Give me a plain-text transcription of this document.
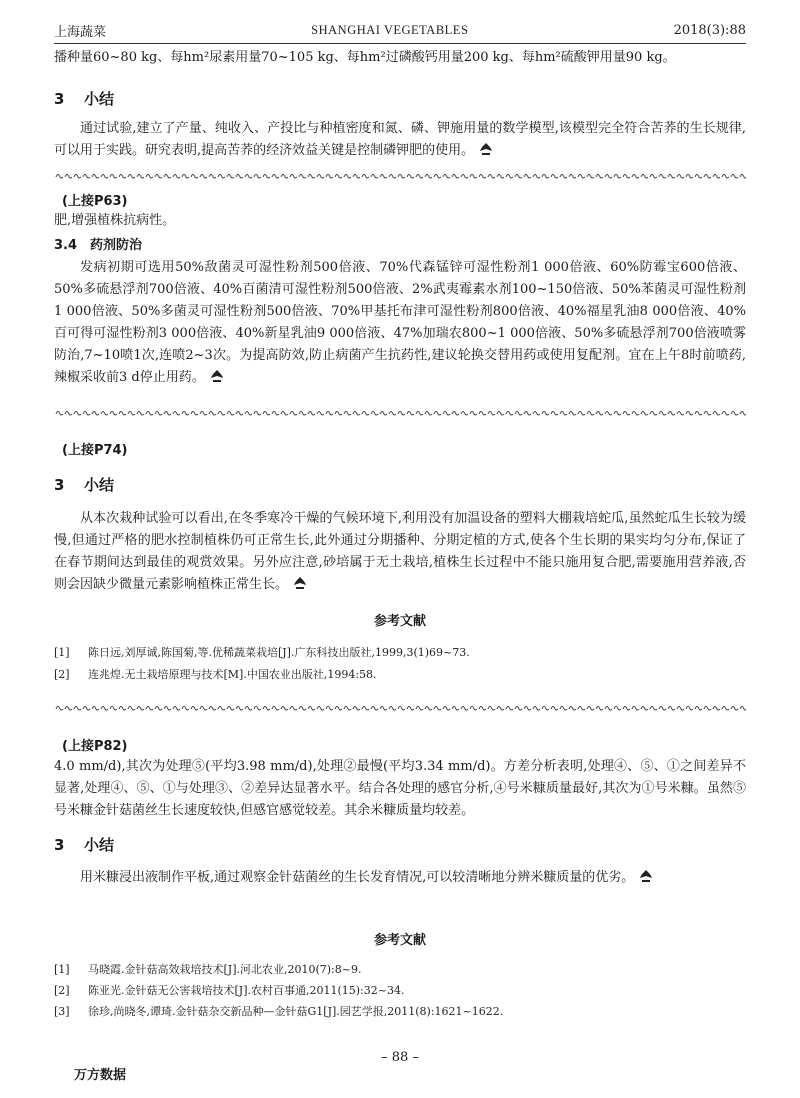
上海蔬菜	SHANGHAI VEGETABLES	2018(3):88
播种量60~80 kg、每hm²尿素用量70~105 kg、每hm²过磷酸钙用量200 kg、每hm²硫酸钾用量90 kg。
3 小结
通过试验,建立了产量、纯收入、产投比与种植密度和氮、磷、钾施用量的数学模型,该模型完全符合苦荞的生长规律,可以用于实践。研究表明,提高苦荞的经济效益关键是控制磷钾肥的使用。
(上接P63)
肥,增强植株抗病性。
3.4 药剂防治
发病初期可选用50%敌菌灵可湿性粉剂500倍液、70%代森锰锌可湿性粉剂1 000倍液、60%防霉宝600倍液、50%多硫悬浮剂700倍液、40%百菌清可湿性粉剂500倍液、2%武夷霉素水剂100~150倍液、50%苯菌灵可湿性粉剂1 000倍液、50%多菌灵可湿性粉剂500倍液、70%甲基托布津可湿性粉剂800倍液、40%福星乳油8 000倍液、40%百可得可湿性粉剂3 000倍液、40%新星乳油9 000倍液、47%加瑞农800~1 000倍液、50%多硫悬浮剂700倍液喷雾防治,7~10喷1次,连喷2~3次。为提高防效,防止病菌产生抗药性,建议轮换交替用药或使用复配剂。宜在上午8时前喷药,辣椒采收前3 d停止用药。
(上接P74)
3 小结
从本次栽种试验可以看出,在冬季寒冷干燥的气候环境下,利用没有加温设备的塑料大棚栽培蛇瓜,虽然蛇瓜生长较为缓慢,但通过严格的肥水控制植株仍可正常生长,此外通过分期播种、分期定植的方式,使各个生长期的果实均匀分布,保证了在春节期间达到最佳的观赏效果。另外应注意,砂培属于无土栽培,植株生长过程中不能只施用复合肥,需要施用营养液,否则会因缺少微量元素影响植株正常生长。
参考文献
[1] 陈日远,刘厚诚,陈国菊,等.优稀蔬菜栽培[J].广东科技出版社,1999,3(1)69~73.
[2] 连兆煌.无土栽培原理与技术[M].中国农业出版社,1994:58.
(上接P82)
4.0 mm/d),其次为处理⑤(平均3.98 mm/d),处理②最慢(平均3.34 mm/d)。方差分析表明,处理④、⑤、①之间差异不显著,处理④、⑤、①与处理③、②差异达显著水平。结合各处理的感官分析,④号米糠质量最好,其次为①号米糠。虽然⑤号米糠金针菇菌丝生长速度较快,但感官感觉较差。其余米糠质量均较差。
3 小结
用米糠浸出液制作平板,通过观察金针菇菌丝的生长发育情况,可以较清晰地分辨米糠质量的优劣。
参考文献
[1] 马晓霞.金针菇高效栽培技术[J].河北农业,2010(7):8~9.
[2] 陈亚光.金针菇无公害栽培技术[J].农村百事通,2011(15):32~34.
[3] 徐珍,尚晓冬,谭琦.金针菇杂交新品种—金针菇G1[J].园艺学报,2011(8):1621~1622.
– 88 –
万方数据
